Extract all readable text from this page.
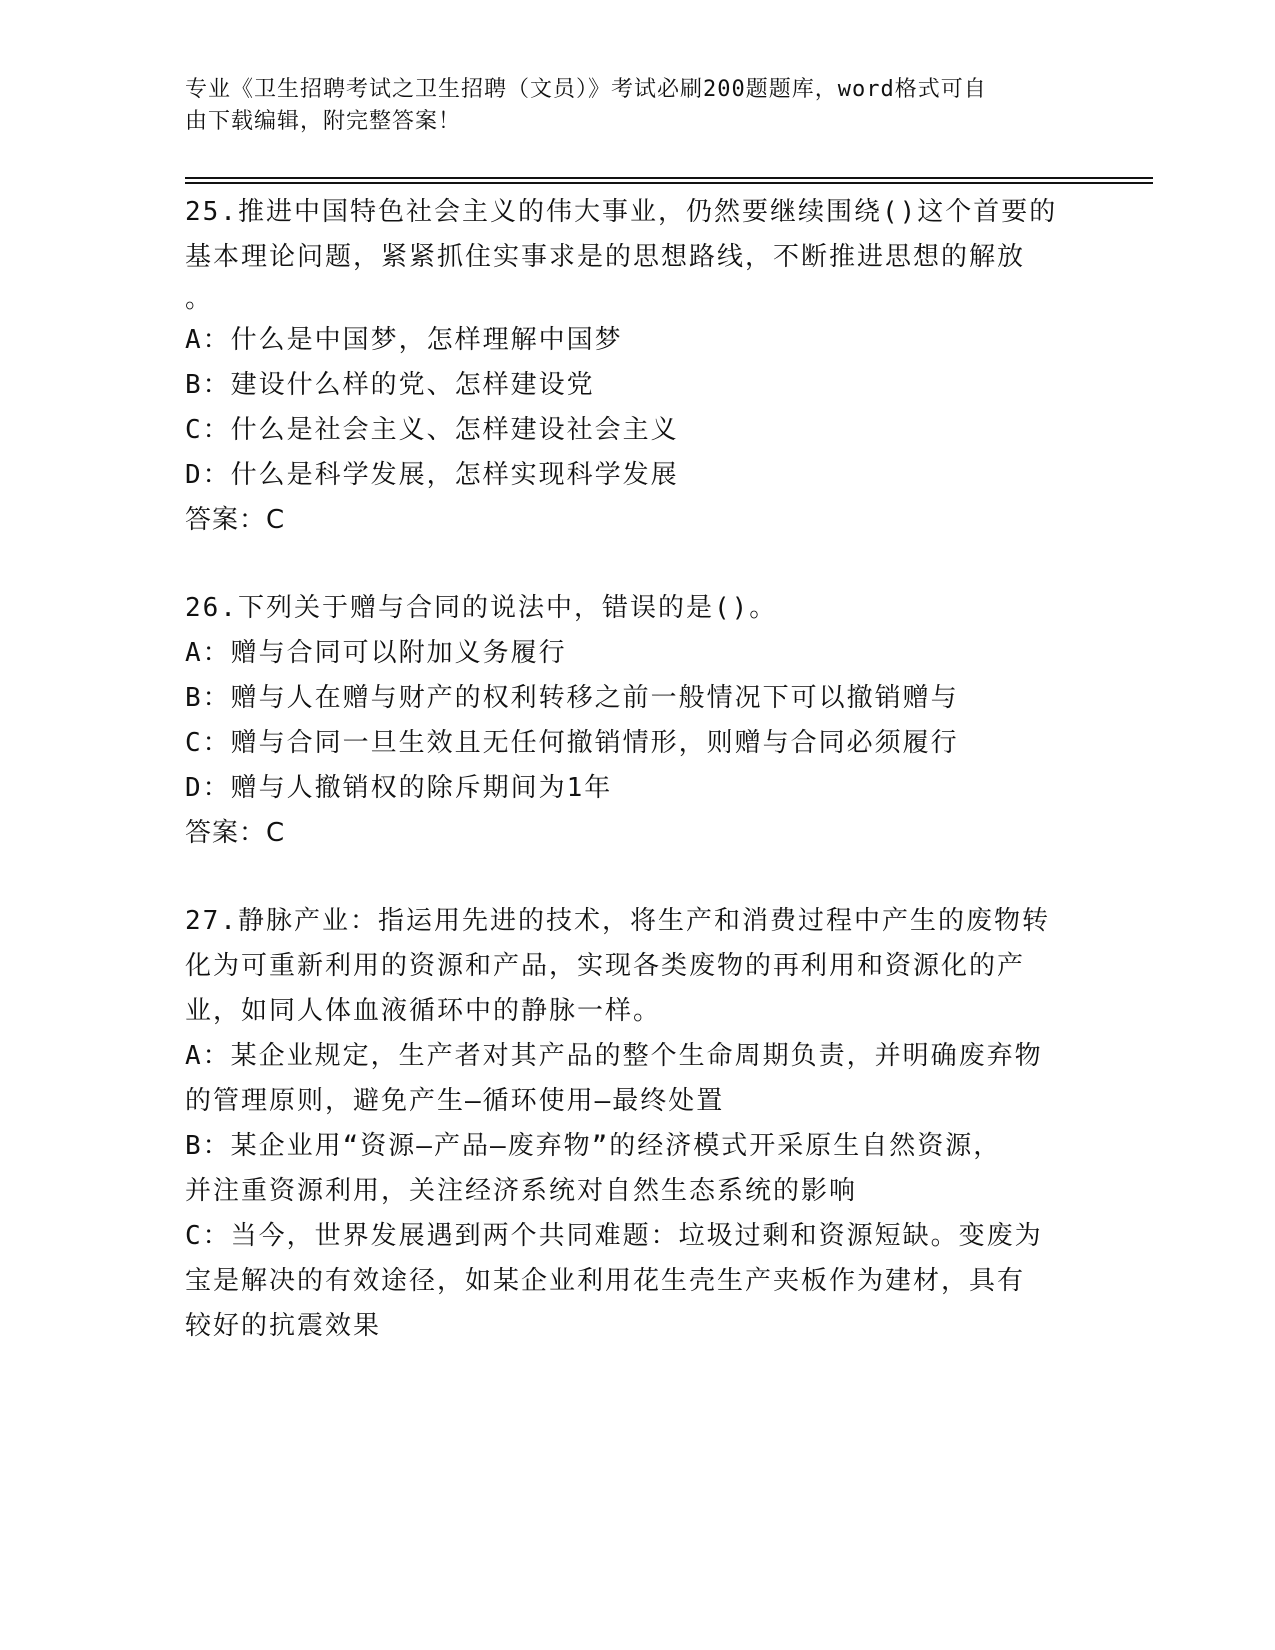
专业《卫生招聘考试之卫生招聘（文员）》考试必刷200题题库，word格式可自
由下载编辑，附完整答案！

25.推进中国特色社会主义的伟大事业，仍然要继续围绕()这个首要的
基本理论问题，紧紧抓住实事求是的思想路线，不断推进思想的解放

。

A：什么是中国梦，怎样理解中国梦

B：建设什么样的党、怎样建设党

C：什么是社会主义、怎样建设社会主义

D：什么是科学发展，怎样实现科学发展

答案：C

26.下列关于赠与合同的说法中，错误的是()。

A：赠与合同可以附加义务履行

B：赠与人在赠与财产的权利转移之前一般情况下可以撤销赠与

C：赠与合同一旦生效且无任何撤销情形，则赠与合同必须履行

D：赠与人撤销权的除斥期间为1年

答案：C

27.静脉产业：指运用先进的技术，将生产和消费过程中产生的废物转
化为可重新利用的资源和产品，实现各类废物的再利用和资源化的产
业，如同人体血液循环中的静脉一样。

A：某企业规定，生产者对其产品的整个生命周期负责，并明确废弃物
的管理原则，避免产生—循环使用—最终处置

B：某企业用“资源—产品—废弃物”的经济模式开采原生自然资源，
并注重资源利用，关注经济系统对自然生态系统的影响

C：当今，世界发展遇到两个共同难题：垃圾过剩和资源短缺。变废为
宝是解决的有效途径，如某企业利用花生壳生产夹板作为建材，具有
较好的抗震效果
